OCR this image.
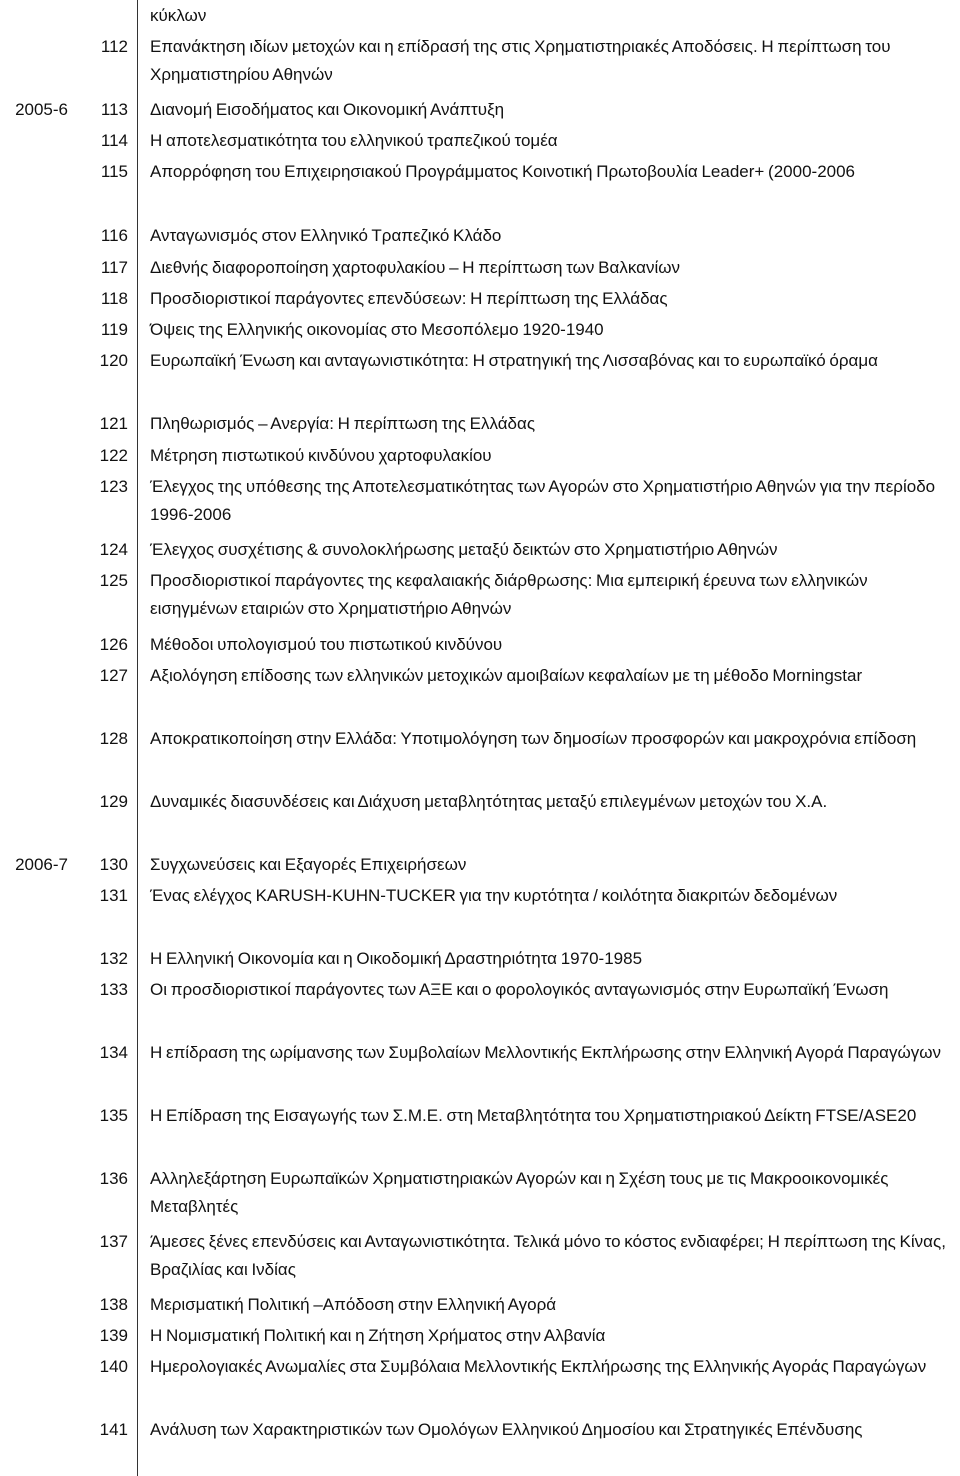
κύκλων
112 Επανάκτηση ιδίων μετοχών και η επίδρασή της στις Χρηματιστηριακές Αποδόσεις. Η περίπτωση του Χρηματιστηρίου Αθηνών
2005-6	113 Διανομή Εισοδήματος και Οικονομική Ανάπτυξη
114 Η αποτελεσματικότητα του ελληνικού τραπεζικού τομέα
115 Απορρόφηση του Επιχειρησιακού Προγράμματος Κοινοτική Πρωτοβουλία Leader+ (2000-2006
116 Ανταγωνισμός στον Ελληνικό Τραπεζικό Κλάδο
117 Διεθνής διαφοροποίηση χαρτοφυλακίου – Η περίπτωση των Βαλκανίων
118 Προσδιοριστικοί παράγοντες επενδύσεων: Η περίπτωση της Ελλάδας
119 Όψεις της Ελληνικής οικονομίας στο Μεσοπόλεμο 1920-1940
120 Ευρωπαϊκή Ένωση και ανταγωνιστικότητα: Η στρατηγική της Λισσαβόνας και το ευρωπαϊκό όραμα
121 Πληθωρισμός – Ανεργία: Η περίπτωση της Ελλάδας
122 Μέτρηση πιστωτικού κινδύνου χαρτοφυλακίου
123 Έλεγχος της υπόθεσης της Αποτελεσματικότητας των Αγορών στο Χρηματιστήριο Αθηνών για την περίοδο 1996-2006
124 Έλεγχος συσχέτισης & συνολοκλήρωσης μεταξύ δεικτών στο Χρηματιστήριο Αθηνών
125 Προσδιοριστικοί παράγοντες της κεφαλαιακής διάρθρωσης: Μια εμπειρική έρευνα των ελληνικών εισηγμένων εταιριών στο Χρηματιστήριο Αθηνών
126 Μέθοδοι υπολογισμού του πιστωτικού κινδύνου
127 Αξιολόγηση επίδοσης των ελληνικών μετοχικών αμοιβαίων κεφαλαίων με τη μέθοδο Morningstar
128 Αποκρατικοποίηση στην Ελλάδα: Υποτιμολόγηση των δημοσίων προσφορών και μακροχρόνια επίδοση
129 Δυναμικές διασυνδέσεις και Διάχυση μεταβλητότητας μεταξύ επιλεγμένων μετοχών του Χ.Α.
2006-7	130 Συγχωνεύσεις και Εξαγορές Επιχειρήσεων
131 Ένας ελέγχος KARUSH-KUHN-TUCKER για την κυρτότητα / κοιλότητα διακριτών δεδομένων
132 Η Ελληνική Οικονομία και η Οικοδομική Δραστηριότητα 1970-1985
133 Οι προσδιοριστικοί παράγοντες των ΑΞΕ και ο φορολογικός ανταγωνισμός στην Ευρωπαϊκή Ένωση
134 Η επίδραση της ωρίμανσης των Συμβολαίων Μελλοντικής Εκπλήρωσης στην Ελληνική Αγορά Παραγώγων
135 Η Επίδραση της Εισαγωγής των Σ.Μ.Ε. στη Μεταβλητότητα του Χρηματιστηριακού Δείκτη FTSE/ASE20
136 Αλληλεξάρτηση Ευρωπαϊκών Χρηματιστηριακών Αγορών και η Σχέση τους με τις Μακροοικονομικές Μεταβλητές
137 Άμεσες ξένες επενδύσεις και Ανταγωνιστικότητα. Τελικά μόνο το κόστος ενδιαφέρει; Η περίπτωση της Κίνας, Βραζιλίας και Ινδίας
138 Μερισματική Πολιτική –Απόδοση στην Ελληνική Αγορά
139 Η Νομισματική Πολιτική και η Ζήτηση Χρήματος στην Αλβανία
140 Ημερολογιακές Ανωμαλίες στα Συμβόλαια Μελλοντικής Εκπλήρωσης της Ελληνικής Αγοράς Παραγώγων
141 Ανάλυση των Χαρακτηριστικών των Ομολόγων Ελληνικού Δημοσίου και Στρατηγικές Επένδυσης
